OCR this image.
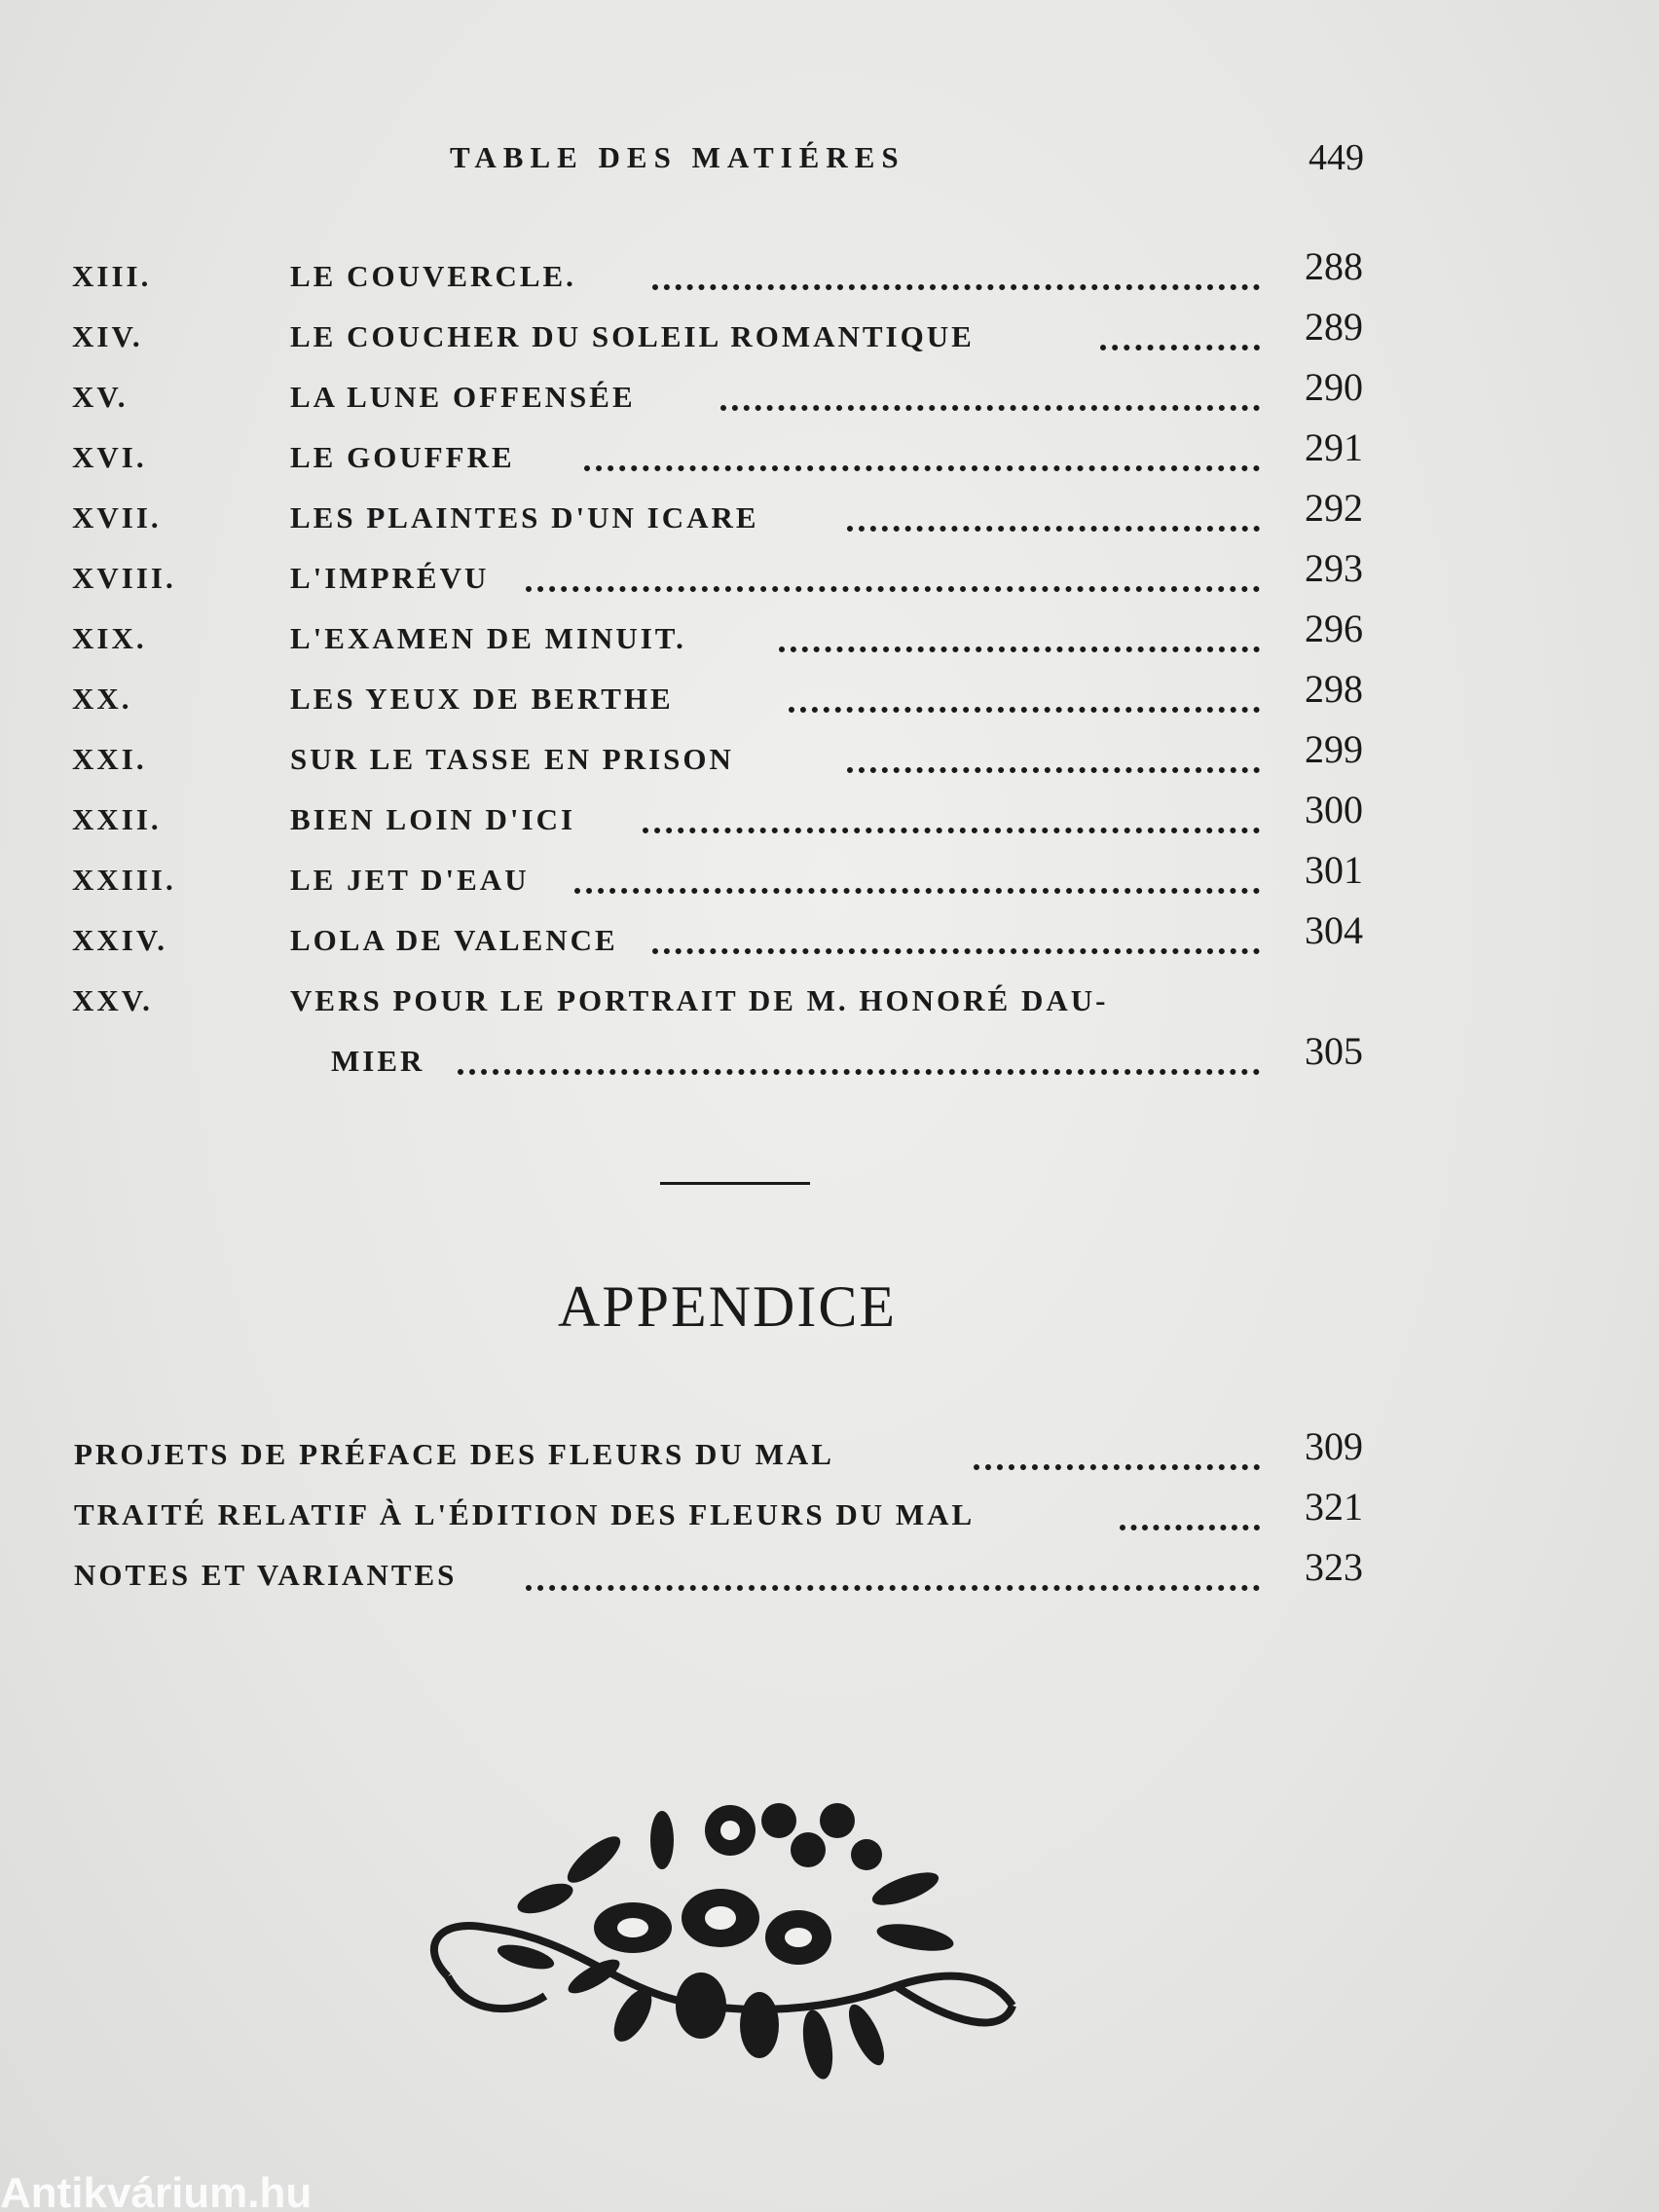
TABLE DES MATIÉRES	449
XIII.	LE COUVERCLE.	288
XIV.	LE COUCHER DU SOLEIL ROMANTIQUE	289
XV.	LA LUNE OFFENSÉE	290
XVI.	LE GOUFFRE	291
XVII.	LES PLAINTES D'UN ICARE	292
XVIII.	L'IMPRÉVU	293
XIX.	L'EXAMEN DE MINUIT.	296
XX.	LES YEUX DE BERTHE	298
XXI.	SUR LE TASSE EN PRISON	299
XXII.	BIEN LOIN D'ICI	300
XXIII.	LE JET D'EAU	301
XXIV.	LOLA DE VALENCE	304
XXV.	VERS POUR LE PORTRAIT DE M. HONORÉ DAU-
MIER	305
APPENDICE
PROJETS DE PRÉFACE DES FLEURS DU MAL	309
TRAITÉ RELATIF À L'ÉDITION DES FLEURS DU MAL	321
NOTES ET VARIANTES	323
Antikvárium.hu
